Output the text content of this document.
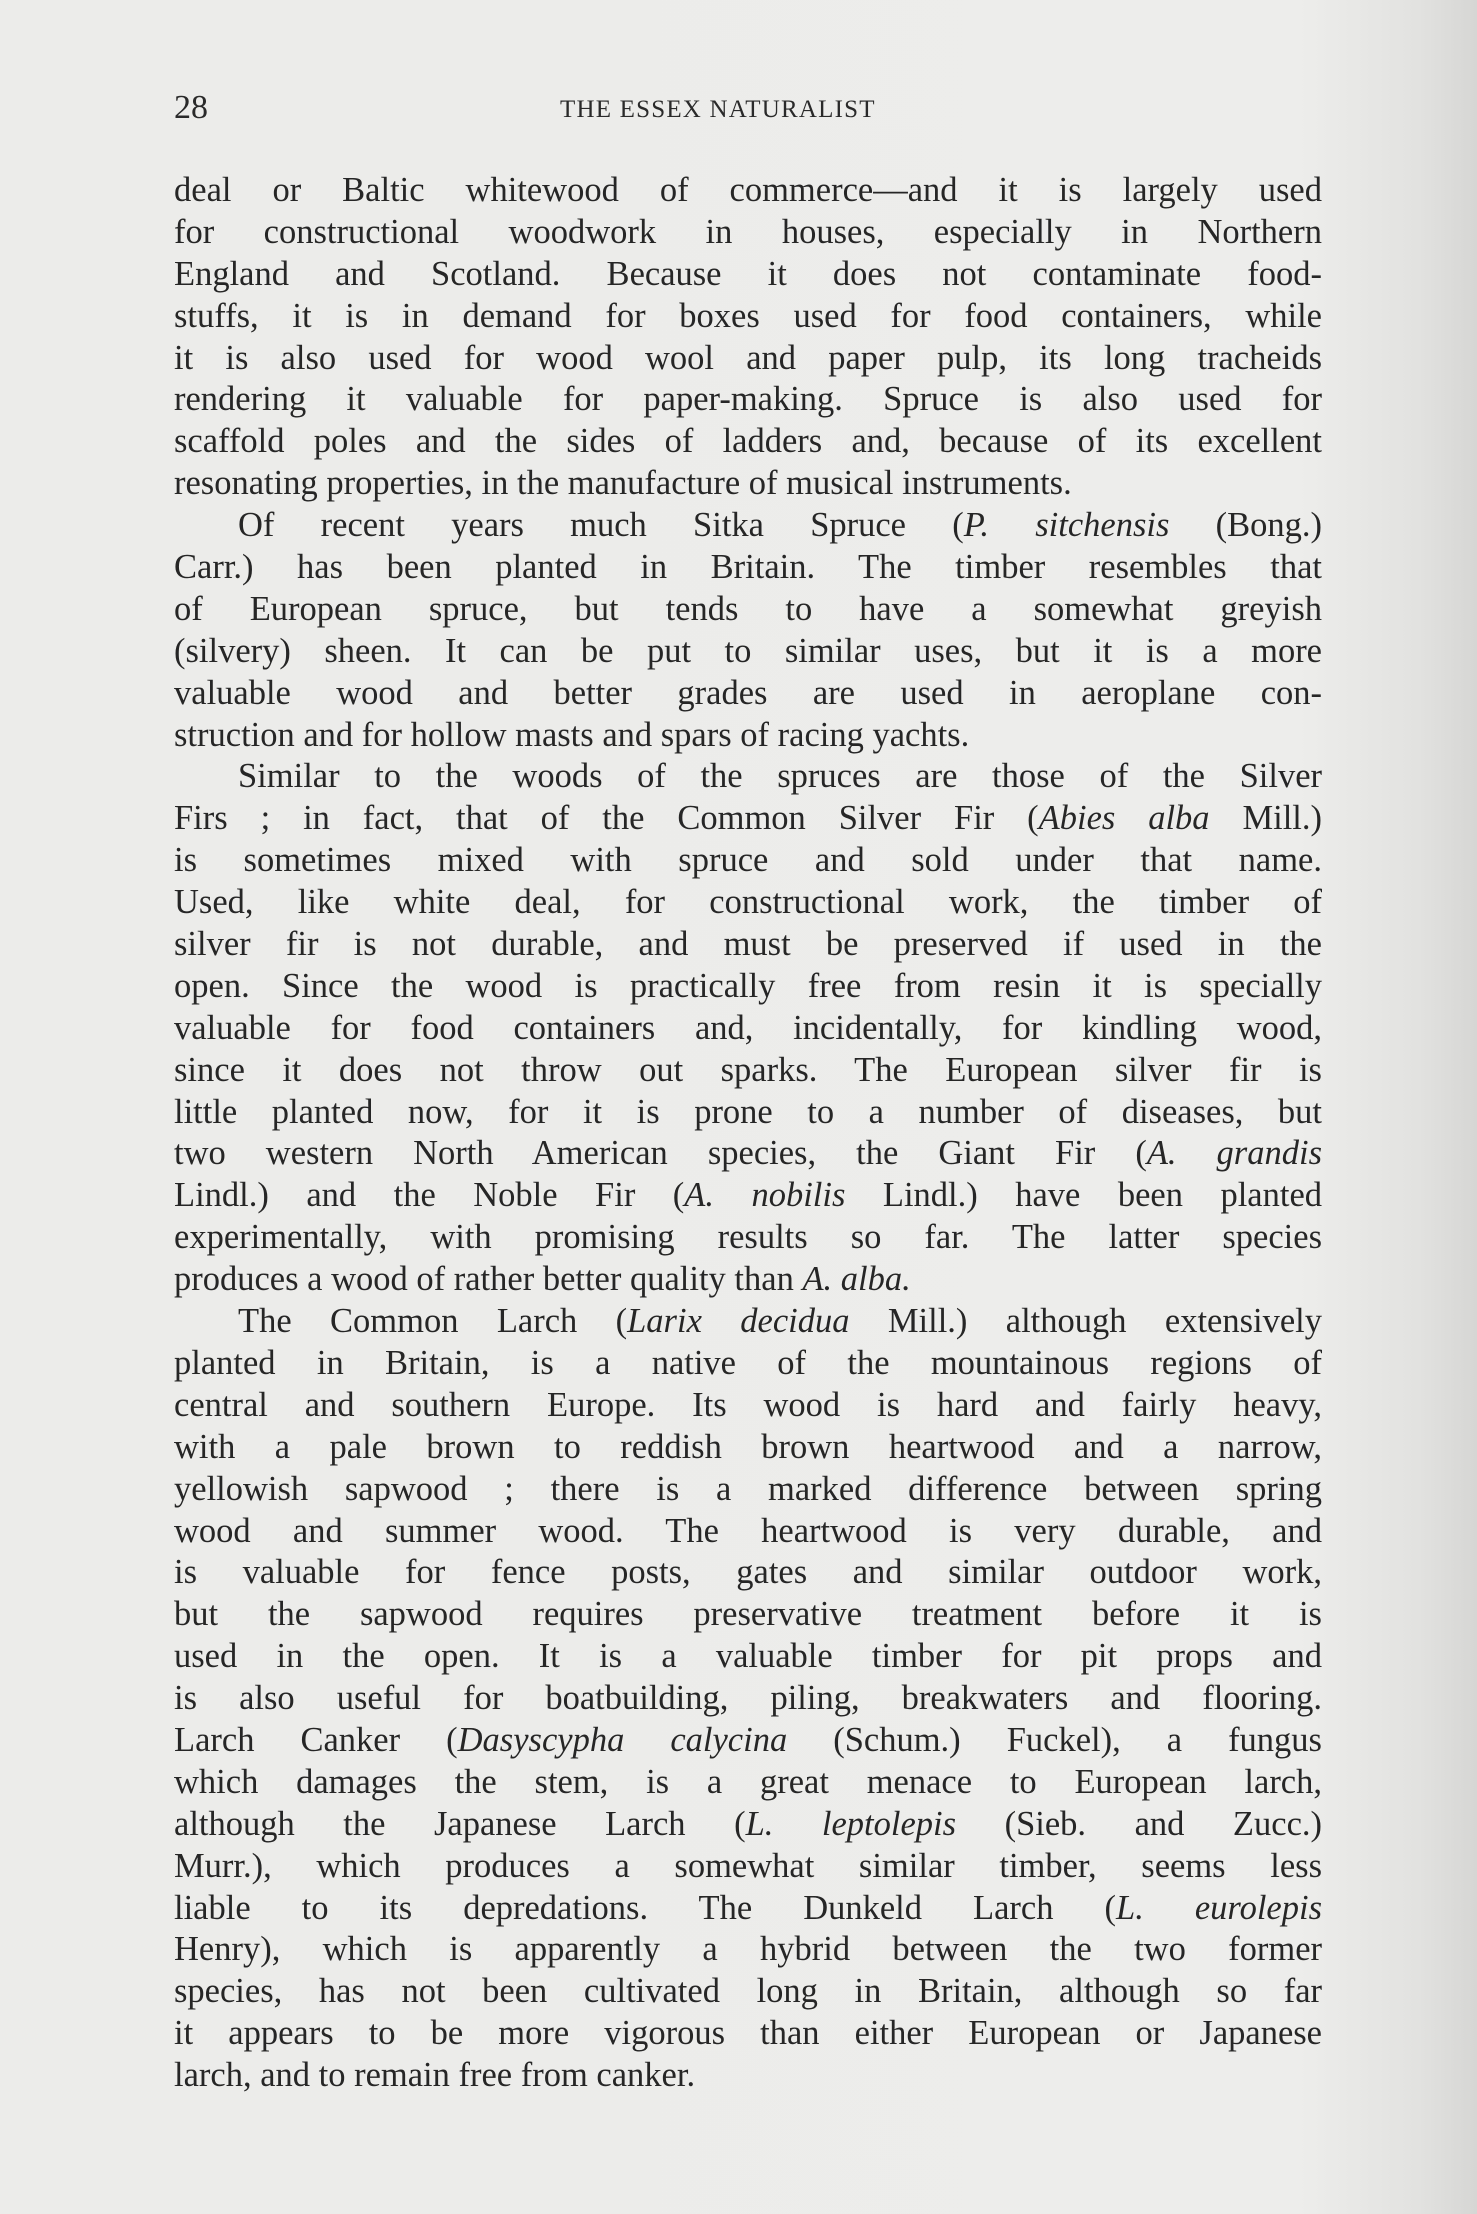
28	THE ESSEX NATURALIST
deal or Baltic whitewood of commerce—and it is largely used
for constructional woodwork in houses, especially in Northern
England and Scotland. Because it does not contaminate food-
stuffs, it is in demand for boxes used for food containers, while
it is also used for wood wool and paper pulp, its long tracheids
rendering it valuable for paper-making. Spruce is also used for
scaffold poles and the sides of ladders and, because of its excellent
resonating properties, in the manufacture of musical instruments.
Of recent years much Sitka Spruce (P. sitchensis (Bong.)
Carr.) has been planted in Britain. The timber resembles that
of European spruce, but tends to have a somewhat greyish
(silvery) sheen. It can be put to similar uses, but it is a more
valuable wood and better grades are used in aeroplane con-
struction and for hollow masts and spars of racing yachts.
Similar to the woods of the spruces are those of the Silver
Firs ; in fact, that of the Common Silver Fir (Abies alba Mill.)
is sometimes mixed with spruce and sold under that name.
Used, like white deal, for constructional work, the timber of
silver fir is not durable, and must be preserved if used in the
open. Since the wood is practically free from resin it is specially
valuable for food containers and, incidentally, for kindling wood,
since it does not throw out sparks. The European silver fir is
little planted now, for it is prone to a number of diseases, but
two western North American species, the Giant Fir (A. grandis
Lindl.) and the Noble Fir (A. nobilis Lindl.) have been planted
experimentally, with promising results so far. The latter species
produces a wood of rather better quality than A. alba.
The Common Larch (Larix decidua Mill.) although extensively
planted in Britain, is a native of the mountainous regions of
central and southern Europe. Its wood is hard and fairly heavy,
with a pale brown to reddish brown heartwood and a narrow,
yellowish sapwood ; there is a marked difference between spring
wood and summer wood. The heartwood is very durable, and
is valuable for fence posts, gates and similar outdoor work,
but the sapwood requires preservative treatment before it is
used in the open. It is a valuable timber for pit props and
is also useful for boatbuilding, piling, breakwaters and flooring.
Larch Canker (Dasyscypha calycina (Schum.) Fuckel), a fungus
which damages the stem, is a great menace to European larch,
although the Japanese Larch (L. leptolepis (Sieb. and Zucc.)
Murr.), which produces a somewhat similar timber, seems less
liable to its depredations. The Dunkeld Larch (L. eurolepis
Henry), which is apparently a hybrid between the two former
species, has not been cultivated long in Britain, although so far
it appears to be more vigorous than either European or Japanese
larch, and to remain free from canker.
